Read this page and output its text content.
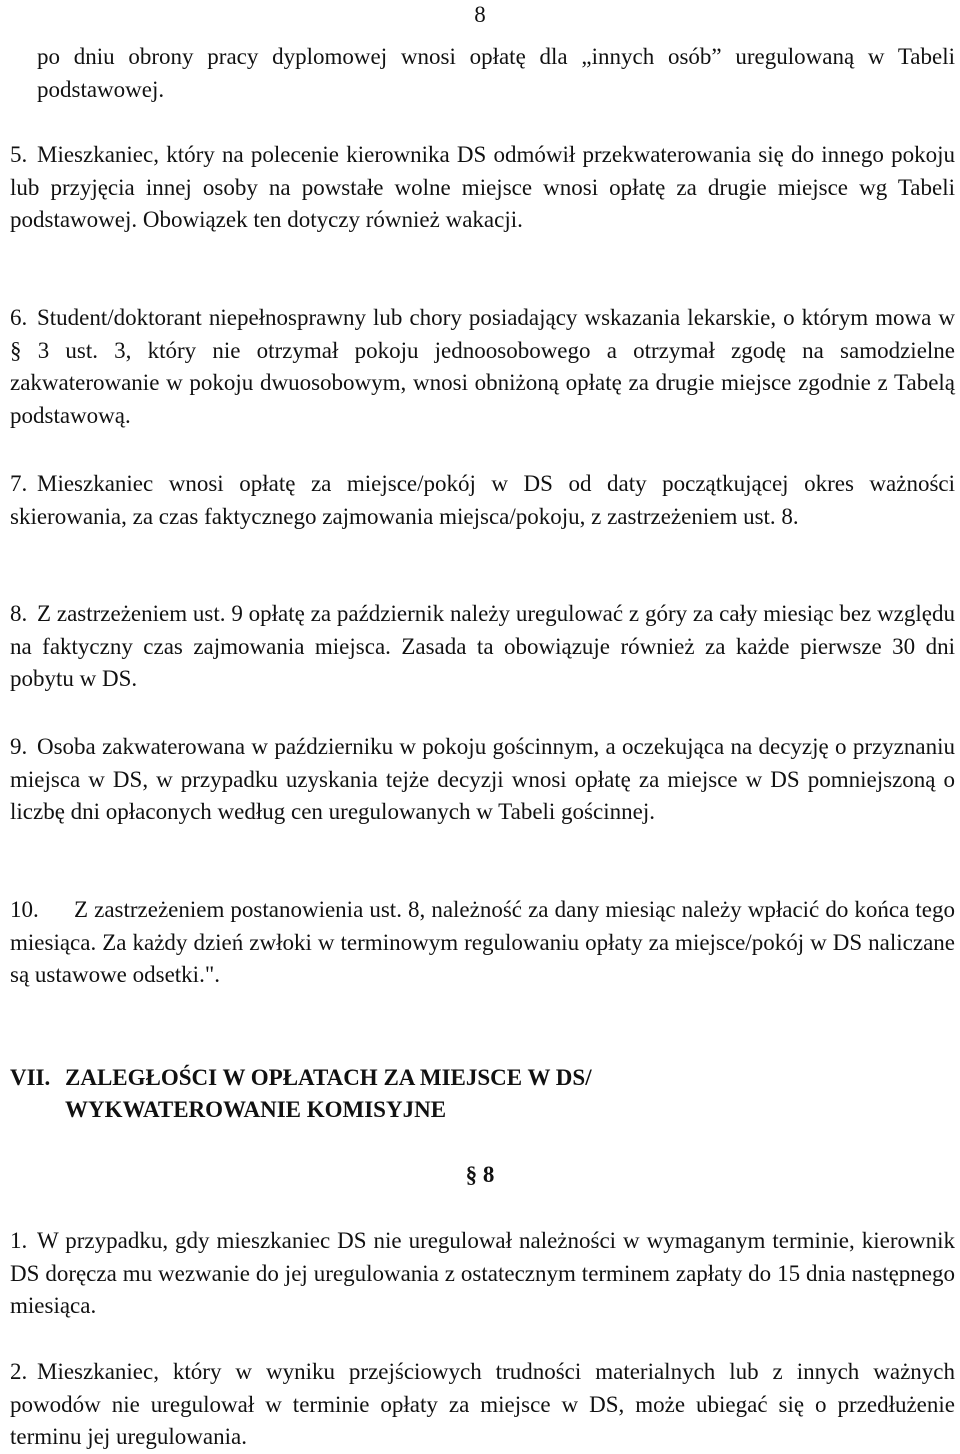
8

po dniu obrony pracy dyplomowej wnosi opłatę dla „innych osób” uregulowaną w Tabeli podstawowej.

5. Mieszkaniec, który na polecenie kierownika DS odmówił przekwaterowania się do innego pokoju lub przyjęcia innej osoby na powstałe wolne miejsce wnosi opłatę za drugie miejsce wg Tabeli podstawowej. Obowiązek ten dotyczy również wakacji.

6. Student/doktorant niepełnosprawny lub chory posiadający wskazania lekarskie, o którym mowa w § 3 ust. 3, który nie otrzymał pokoju jednoosobowego a otrzymał zgodę na samodzielne zakwaterowanie w pokoju dwuosobowym, wnosi obniżoną opłatę za drugie miejsce zgodnie z Tabelą podstawową.

7. Mieszkaniec wnosi opłatę za miejsce/pokój w DS od daty początkującej okres ważności skierowania, za czas faktycznego zajmowania miejsca/pokoju, z zastrzeżeniem ust. 8.

8. Z zastrzeżeniem ust. 9 opłatę za październik należy uregulować z góry za cały miesiąc bez względu na faktyczny czas zajmowania miejsca. Zasada ta obowiązuje również za każde pierwsze 30 dni pobytu w DS.

9. Osoba zakwaterowana w październiku w pokoju gościnnym, a oczekująca na decyzję o przyznaniu miejsca w DS, w przypadku uzyskania tejże decyzji wnosi opłatę za miejsce w DS pomniejszoną o liczbę dni opłaconych według cen uregulowanych w Tabeli gościnnej.

10. Z zastrzeżeniem postanowienia ust. 8, należność za dany miesiąc należy wpłacić do końca tego miesiąca. Za każdy dzień zwłoki w terminowym regulowaniu opłaty za miejsce/pokój w DS naliczane są ustawowe odsetki.".

VII. ZALEGŁOŚCI W OPŁATACH ZA MIEJSCE W DS/
WYKWATEROWANIE KOMISYJNE
§ 8

1. W przypadku, gdy mieszkaniec DS nie uregulował należności w wymaganym terminie, kierownik DS doręcza mu wezwanie do jej uregulowania z ostatecznym terminem zapłaty do 15 dnia następnego miesiąca.

2. Mieszkaniec, który w wyniku przejściowych trudności materialnych lub z innych ważnych powodów nie uregulował w terminie opłaty za miejsce w DS, może ubiegać się o przedłużenie terminu jej uregulowania.
